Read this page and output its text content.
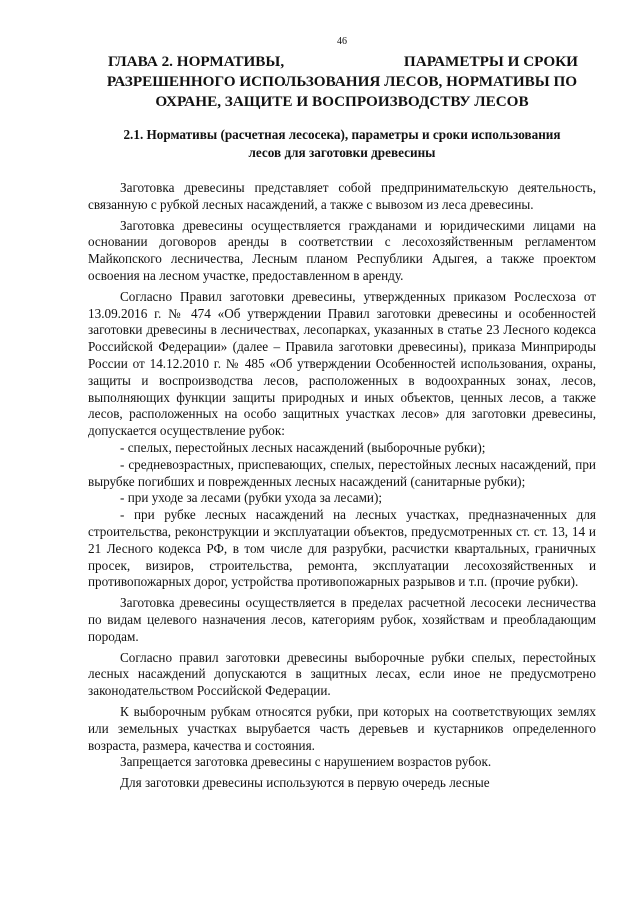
46
ГЛАВА 2. НОРМАТИВЫ,	ПАРАМЕТРЫ И СРОКИ
РАЗРЕШЕННОГО ИСПОЛЬЗОВАНИЯ ЛЕСОВ, НОРМАТИВЫ ПО
ОХРАНЕ, ЗАЩИТЕ И ВОСПРОИЗВОДСТВУ ЛЕСОВ
2.1. Нормативы (расчетная лесосека), параметры и сроки использования
лесов для заготовки древесины

Заготовка древесины представляет собой предпринимательскую деятельность, связанную с рубкой лесных насаждений, а также с вывозом из леса древесины.

Заготовка древесины осуществляется гражданами и юридическими лицами на основании договоров аренды в соответствии с лесохозяйственным регламентом Майкопского лесничества, Лесным планом Республики Адыгея, а также проектом освоения на лесном участке, предоставленном в аренду.

Согласно Правил заготовки древесины, утвержденных приказом Рослесхоза от 13.09.2016 г. № 474 «Об утверждении Правил заготовки древесины и особенностей заготовки древесины в лесничествах, лесопарках, указанных в статье 23 Лесного кодекса Российской Федерации» (далее – Правила заготовки древесины), приказа Минприроды России от 14.12.2010 г. № 485 «Об утверждении Особенностей использования, охраны, защиты и воспроизводства лесов, расположенных в водоохранных зонах, лесов, выполняющих функции защиты природных и иных объектов, ценных лесов, а также лесов, расположенных на особо защитных участках лесов» для заготовки древесины, допускается осуществление рубок:

- спелых, перестойных лесных насаждений (выборочные рубки);

- средневозрастных, приспевающих, спелых, перестойных лесных насаждений, при вырубке погибших и поврежденных лесных насаждений (санитарные рубки);

- при уходе за лесами (рубки ухода за лесами);

- при рубке лесных насаждений на лесных участках, предназначенных для строительства, реконструкции и эксплуатации объектов, предусмотренных ст. ст. 13, 14 и 21 Лесного кодекса РФ, в том числе для разрубки, расчистки квартальных, граничных просек, визиров, строительства, ремонта, эксплуатации лесохозяйственных и противопожарных дорог, устройства противопожарных разрывов и т.п. (прочие рубки).

Заготовка древесины осуществляется в пределах расчетной лесосеки лесничества по видам целевого назначения лесов, категориям рубок, хозяйствам и преобладающим породам.

Согласно правил заготовки древесины выборочные рубки спелых, перестойных лесных насаждений допускаются в защитных лесах, если иное не предусмотрено законодательством Российской Федерации.

К выборочным рубкам относятся рубки, при которых на соответствующих землях или земельных участках вырубается часть деревьев и кустарников определенного возраста, размера, качества и состояния.

Запрещается заготовка древесины с нарушением возрастов рубок.

Для заготовки древесины используются в первую очередь лесные
